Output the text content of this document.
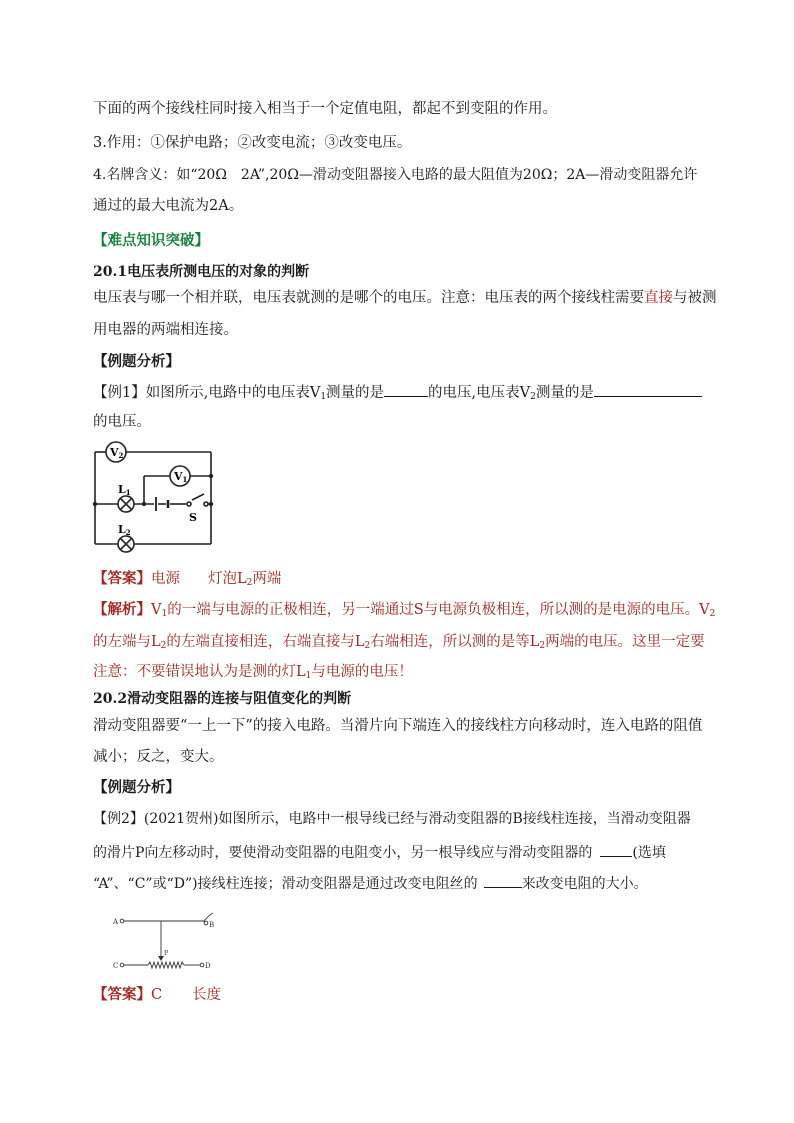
下面的两个接线柱同时接入相当于一个定值电阻，都起不到变阻的作用。
3.作用：①保护电路；②改变电流；③改变电压。
4.名牌含义：如“20Ω　2A”,20Ω—滑动变阻器接入电路的最大阻值为20Ω；2A—滑动变阻器允许
通过的最大电流为2A。
【难点知识突破】
20.1电压表所测电压的对象的判断
电压表与哪一个相并联，电压表就测的是哪个的电压。注意：电压表的两个接线柱需要直接与被测
用电器的两端相连接。
【例题分析】
【例1】如图所示,电路中的电压表$V_1$测量的是	的电压,电压表$V_2$测量的是
的电压。
V2
V1
L1
L2
S
【答案】电源 灯泡$L_2$两端
【解析】$V_1$的一端与电源的正极相连，另一端通过S与电源负极相连，所以测的是电源的电压。$V_2$
的左端与$L_2$的左端直接相连，右端直接与$L_2$右端相连，所以测的是等$L_2$两端的电压。这里一定要
注意：不要错误地认为是测的灯$L_1$与电源的电压！
20.2滑动变阻器的连接与阻值变化的判断
滑动变阻器要“一上一下”的接入电路。当滑片向下端连入的接线柱方向移动时，连入电路的阻值
减小；反之，变大。
【例题分析】
【例2】(2021贺州)如图所示，电路中一根导线已经与滑动变阻器的B接线柱连接，当滑动变阻器
的滑片P向左移动时，要使滑动变阻器的电阻变小，另一根导线应与滑动变阻器的	(选填
“A”、“C”或“D”)接线柱连接；滑动变阻器是通过改变电阻丝的	来改变电阻的大小。
A	B
C	D
P
【答案】C 长度
